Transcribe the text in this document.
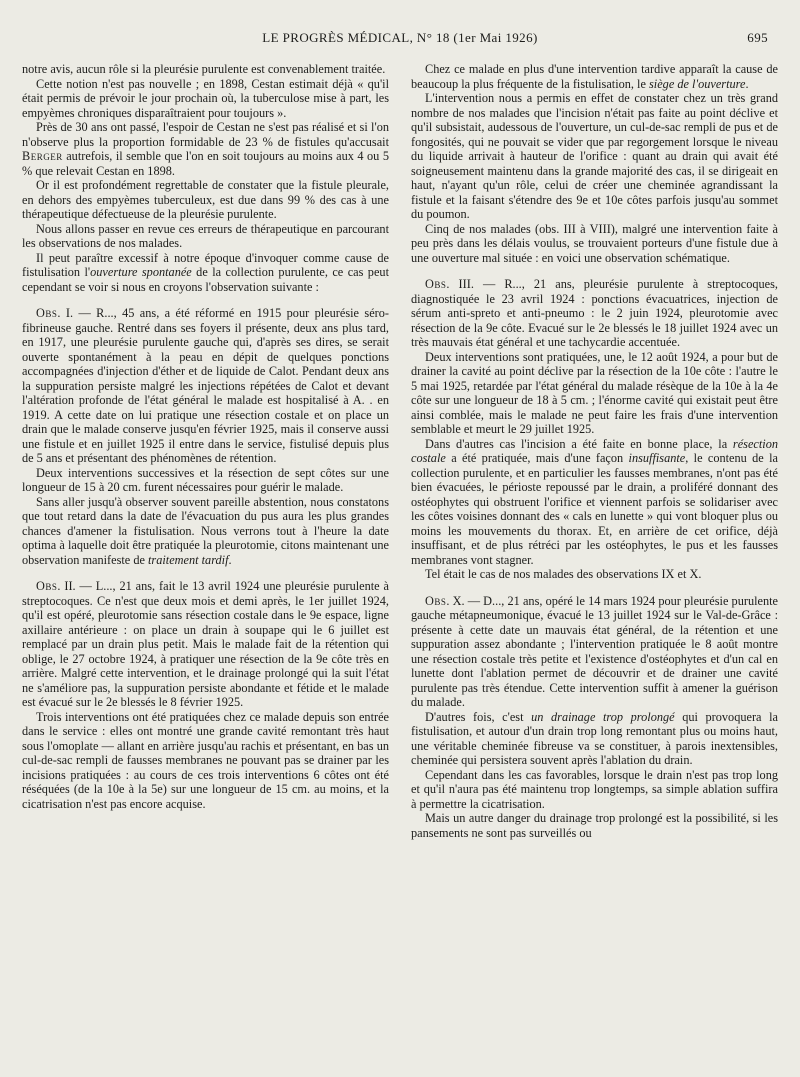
LE PROGRÈS MÉDICAL, N° 18 (1er Mai 1926)	695

notre avis, aucun rôle si la pleurésie purulente est convenablement traitée.

Cette notion n'est pas nouvelle ; en 1898, Cestan estimait déjà « qu'il était permis de prévoir le jour prochain où, la tuberculose mise à part, les empyèmes chroniques disparaîtraient pour toujours ».

Près de 30 ans ont passé, l'espoir de Cestan ne s'est pas réalisé et si l'on n'observe plus la proportion formidable de 23 % de fistules qu'accusait Berger autrefois, il semble que l'on en soit toujours au moins aux 4 ou 5 % que relevait Cestan en 1898.

Or il est profondément regrettable de constater que la fistule pleurale, en dehors des empyèmes tuberculeux, est due dans 99 % des cas à une thérapeutique défectueuse de la pleurésie purulente.

Nous allons passer en revue ces erreurs de thérapeutique en parcourant les observations de nos malades.

Il peut paraître excessif à notre époque d'invoquer comme cause de fistulisation l'ouverture spontanée de la collection purulente, ce cas peut cependant se voir si nous en croyons l'observation suivante :

Obs. I. — R..., 45 ans, a été réformé en 1915 pour pleurésie séro-fibrineuse gauche. Rentré dans ses foyers il présente, deux ans plus tard, en 1917, une pleurésie purulente gauche qui, d'après ses dires, se serait ouverte spontanément à la peau en dépit de quelques ponctions accompagnées d'injection d'éther et de liquide de Calot. Pendant deux ans la suppuration persiste malgré les injections répétées de Calot et devant l'altération profonde de l'état général le malade est hospitalisé à A. . en 1919. A cette date on lui pratique une résection costale et on place un drain que le malade conserve jusqu'en février 1925, mais il conserve aussi une fistule et en juillet 1925 il entre dans le service, fistulisé depuis plus de 5 ans et présentant des phénomènes de rétention.

Deux interventions successives et la résection de sept côtes sur une longueur de 15 à 20 cm. furent nécessaires pour guérir le malade.

Sans aller jusqu'à observer souvent pareille abstention, nous constatons que tout retard dans la date de l'évacuation du pus aura les plus grandes chances d'amener la fistulisation. Nous verrons tout à l'heure la date optima à laquelle doit être pratiquée la pleurotomie, citons maintenant une observation manifeste de traitement tardif.

Obs. II. — L..., 21 ans, fait le 13 avril 1924 une pleurésie purulente à streptocoques. Ce n'est que deux mois et demi après, le 1er juillet 1924, qu'il est opéré, pleurotomie sans résection costale dans le 9e espace, ligne axillaire antérieure : on place un drain à soupape qui le 6 juillet est remplacé par un drain plus petit. Mais le malade fait de la rétention qui oblige, le 27 octobre 1924, à pratiquer une résection de la 9e côte très en arrière. Malgré cette intervention, et le drainage prolongé qui la suit l'état ne s'améliore pas, la suppuration persiste abondante et fétide et le malade est évacué sur le 2e blessés le 8 février 1925.

Trois interventions ont été pratiquées chez ce malade depuis son entrée dans le service : elles ont montré une grande cavité remontant très haut sous l'omoplate — allant en arrière jusqu'au rachis et présentant, en bas un cul-de-sac rempli de fausses membranes ne pouvant pas se drainer par les incisions pratiquées : au cours de ces trois interventions 6 côtes ont été réséquées (de la 10e à la 5e) sur une longueur de 15 cm. au moins, et la cicatrisation n'est pas encore acquise.

Chez ce malade en plus d'une intervention tardive apparaît la cause de beaucoup la plus fréquente de la fistulisation, le siège de l'ouverture.

L'intervention nous a permis en effet de constater chez un très grand nombre de nos malades que l'incision n'était pas faite au point déclive et qu'il subsistait, audessous de l'ouverture, un cul-de-sac rempli de pus et de fongosités, qui ne pouvait se vider que par regorgement lorsque le niveau du liquide arrivait à hauteur de l'orifice : quant au drain qui avait été soigneusement maintenu dans la grande majorité des cas, il se dirigeait en haut, n'ayant qu'un rôle, celui de créer une cheminée agrandissant la fistule et la faisant s'étendre des 9e et 10e côtes parfois jusqu'au sommet du poumon.

Cinq de nos malades (obs. III à VIII), malgré une intervention faite à peu près dans les délais voulus, se trouvaient porteurs d'une fistule due à une ouverture mal située : en voici une observation schématique.

Obs. III. — R..., 21 ans, pleurésie purulente à streptocoques, diagnostiquée le 23 avril 1924 : ponctions évacuatrices, injection de sérum anti-spreto et anti-pneumo : le 2 juin 1924, pleurotomie avec résection de la 9e côte. Evacué sur le 2e blessés le 18 juillet 1924 avec un très mauvais état général et une tachycardie accentuée.

Deux interventions sont pratiquées, une, le 12 août 1924, a pour but de drainer la cavité au point déclive par la résection de la 10e côte : l'autre le 5 mai 1925, retardée par l'état général du malade résèque de la 10e à la 4e côte sur une longueur de 18 à 5 cm. ; l'énorme cavité qui existait peut être ainsi comblée, mais le malade ne peut faire les frais d'une intervention semblable et meurt le 29 juillet 1925.

Dans d'autres cas l'incision a été faite en bonne place, la résection costale a été pratiquée, mais d'une façon insuffisante, le contenu de la collection purulente, et en particulier les fausses membranes, n'ont pas été bien évacuées, le périoste repoussé par le drain, a proliféré donnant des ostéophytes qui obstruent l'orifice et viennent parfois se solidariser avec les côtes voisines donnant des « cals en lunette » qui vont bloquer plus ou moins les mouvements du thorax. Et, en arrière de cet orifice, déjà insuffisant, et de plus rétréci par les ostéophytes, le pus et les fausses membranes vont stagner.

Tel était le cas de nos malades des observations IX et X.

Obs. X. — D..., 21 ans, opéré le 14 mars 1924 pour pleurésie purulente gauche métapneumonique, évacué le 13 juillet 1924 sur le Val-de-Grâce : présente à cette date un mauvais état général, de la rétention et une suppuration assez abondante ; l'intervention pratiquée le 8 août montre une résection costale très petite et l'existence d'ostéophytes et d'un cal en lunette dont l'ablation permet de découvrir et de drainer une cavité purulente pas très étendue. Cette intervention suffit à amener la guérison du malade.

D'autres fois, c'est un drainage trop prolongé qui provoquera la fistulisation, et autour d'un drain trop long remontant plus ou moins haut, une véritable cheminée fibreuse va se constituer, à parois inextensibles, cheminée qui persistera souvent après l'ablation du drain.

Cependant dans les cas favorables, lorsque le drain n'est pas trop long et qu'il n'aura pas été maintenu trop longtemps, sa simple ablation suffira à permettre la cicatrisation.

Mais un autre danger du drainage trop prolongé est la possibilité, si les pansements ne sont pas surveillés ou
